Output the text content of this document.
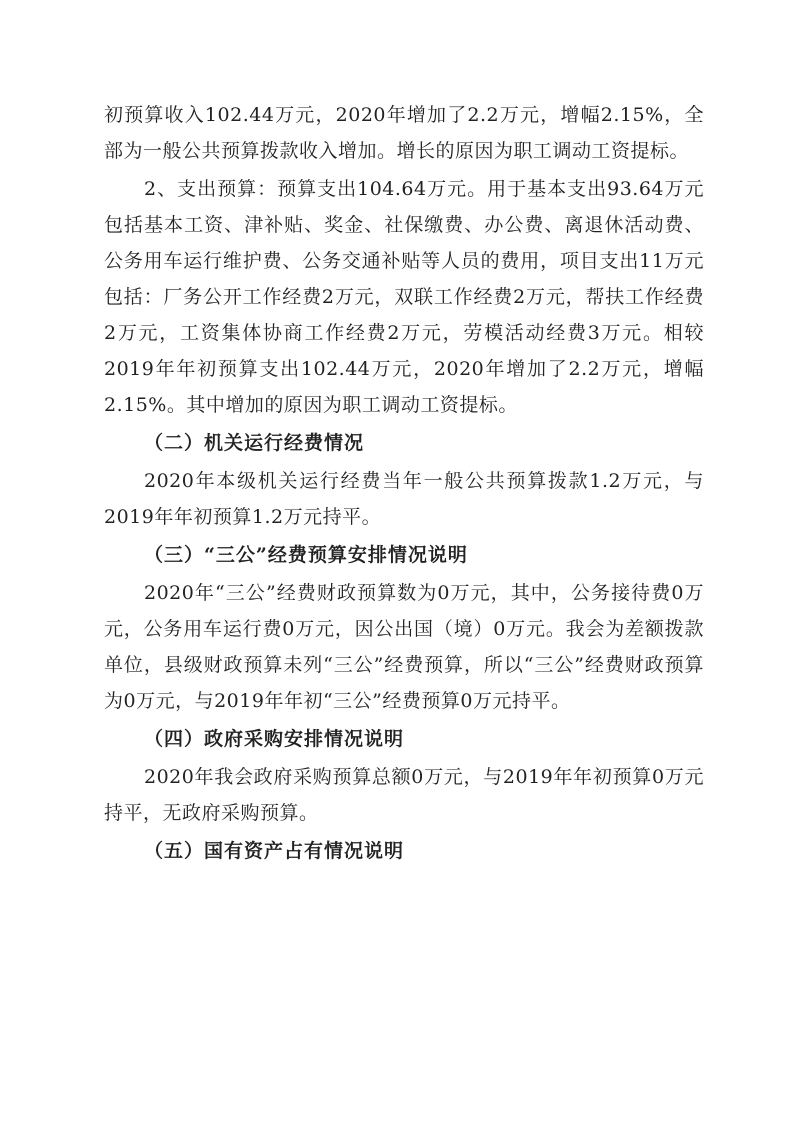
初预算收入102.44万元，2020年增加了2.2万元，增幅2.15%，全部为一般公共预算拨款收入增加。增长的原因为职工调动工资提标。

2、支出预算：预算支出104.64万元。用于基本支出93.64万元包括基本工资、津补贴、奖金、社保缴费、办公费、离退休活动费、公务用车运行维护费、公务交通补贴等人员的费用，项目支出11万元包括：厂务公开工作经费2万元，双联工作经费2万元，帮扶工作经费2万元，工资集体协商工作经费2万元，劳模活动经费3万元。相较2019年年初预算支出102.44万元，2020年增加了2.2万元，增幅2.15%。其中增加的原因为职工调动工资提标。

（二）机关运行经费情况

2020年本级机关运行经费当年一般公共预算拨款1.2万元，与2019年年初预算1.2万元持平。

（三）“三公”经费预算安排情况说明

2020年“三公”经费财政预算数为0万元，其中，公务接待费0万元，公务用车运行费0万元，因公出国（境）0万元。我会为差额拨款单位，县级财政预算未列“三公”经费预算，所以“三公”经费财政预算为0万元，与2019年年初“三公”经费预算0万元持平。

（四）政府采购安排情况说明

2020年我会政府采购预算总额0万元，与2019年年初预算0万元持平，无政府采购预算。

（五）国有资产占有情况说明
